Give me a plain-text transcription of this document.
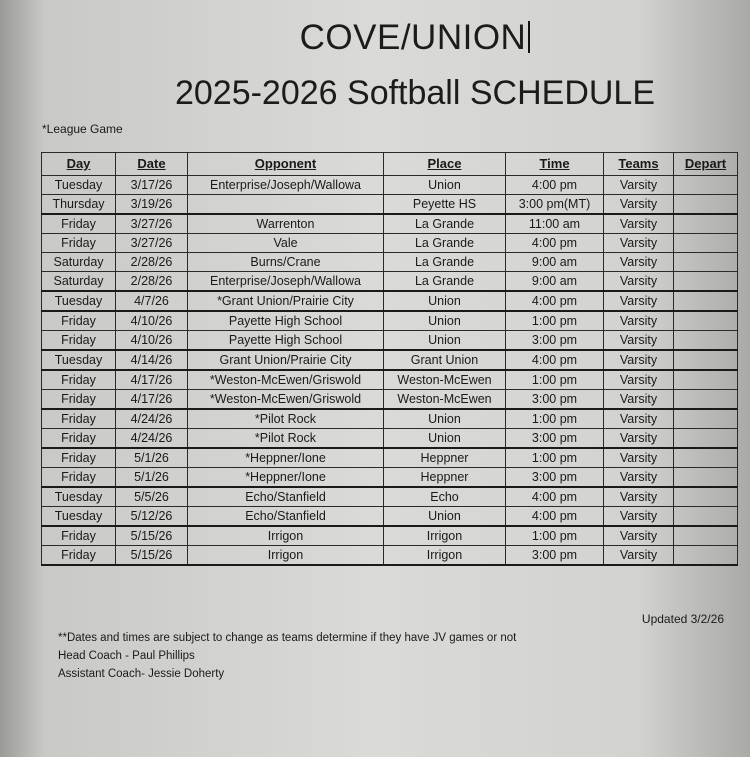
COVE/UNION
2025-2026 Softball SCHEDULE
*League Game
Day	Date	Opponent	Place	Time	Teams	Depart
Tuesday	3/17/26	Enterprise/Joseph/Wallowa	Union	4:00 pm	Varsity	
Thursday	3/19/26		Peyette HS	3:00 pm(MT)	Varsity	
Friday	3/27/26	Warrenton	La Grande	11:00 am	Varsity	
Friday	3/27/26	Vale	La Grande	4:00 pm	Varsity	
Saturday	2/28/26	Burns/Crane	La Grande	9:00 am	Varsity	
Saturday	2/28/26	Enterprise/Joseph/Wallowa	La Grande	9:00 am	Varsity	
Tuesday	4/7/26	*Grant Union/Prairie City	Union	4:00 pm	Varsity	
Friday	4/10/26	Payette High School	Union	1:00 pm	Varsity	
Friday	4/10/26	Payette High School	Union	3:00 pm	Varsity	
Tuesday	4/14/26	Grant Union/Prairie City	Grant Union	4:00 pm	Varsity	
Friday	4/17/26	*Weston-McEwen/Griswold	Weston-McEwen	1:00 pm	Varsity	
Friday	4/17/26	*Weston-McEwen/Griswold	Weston-McEwen	3:00 pm	Varsity	
Friday	4/24/26	*Pilot Rock	Union	1:00 pm	Varsity	
Friday	4/24/26	*Pilot Rock	Union	3:00 pm	Varsity	
Friday	5/1/26	*Heppner/Ione	Heppner	1:00 pm	Varsity	
Friday	5/1/26	*Heppner/Ione	Heppner	3:00 pm	Varsity	
Tuesday	5/5/26	Echo/Stanfield	Echo	4:00 pm	Varsity	
Tuesday	5/12/26	Echo/Stanfield	Union	4:00 pm	Varsity	
Friday	5/15/26	Irrigon	Irrigon	1:00 pm	Varsity	
Friday	5/15/26	Irrigon	Irrigon	3:00 pm	Varsity	
Updated 3/2/26
**Dates and times are subject to change as teams determine if they have JV games or not
Head Coach - Paul Phillips
Assistant Coach- Jessie Doherty
